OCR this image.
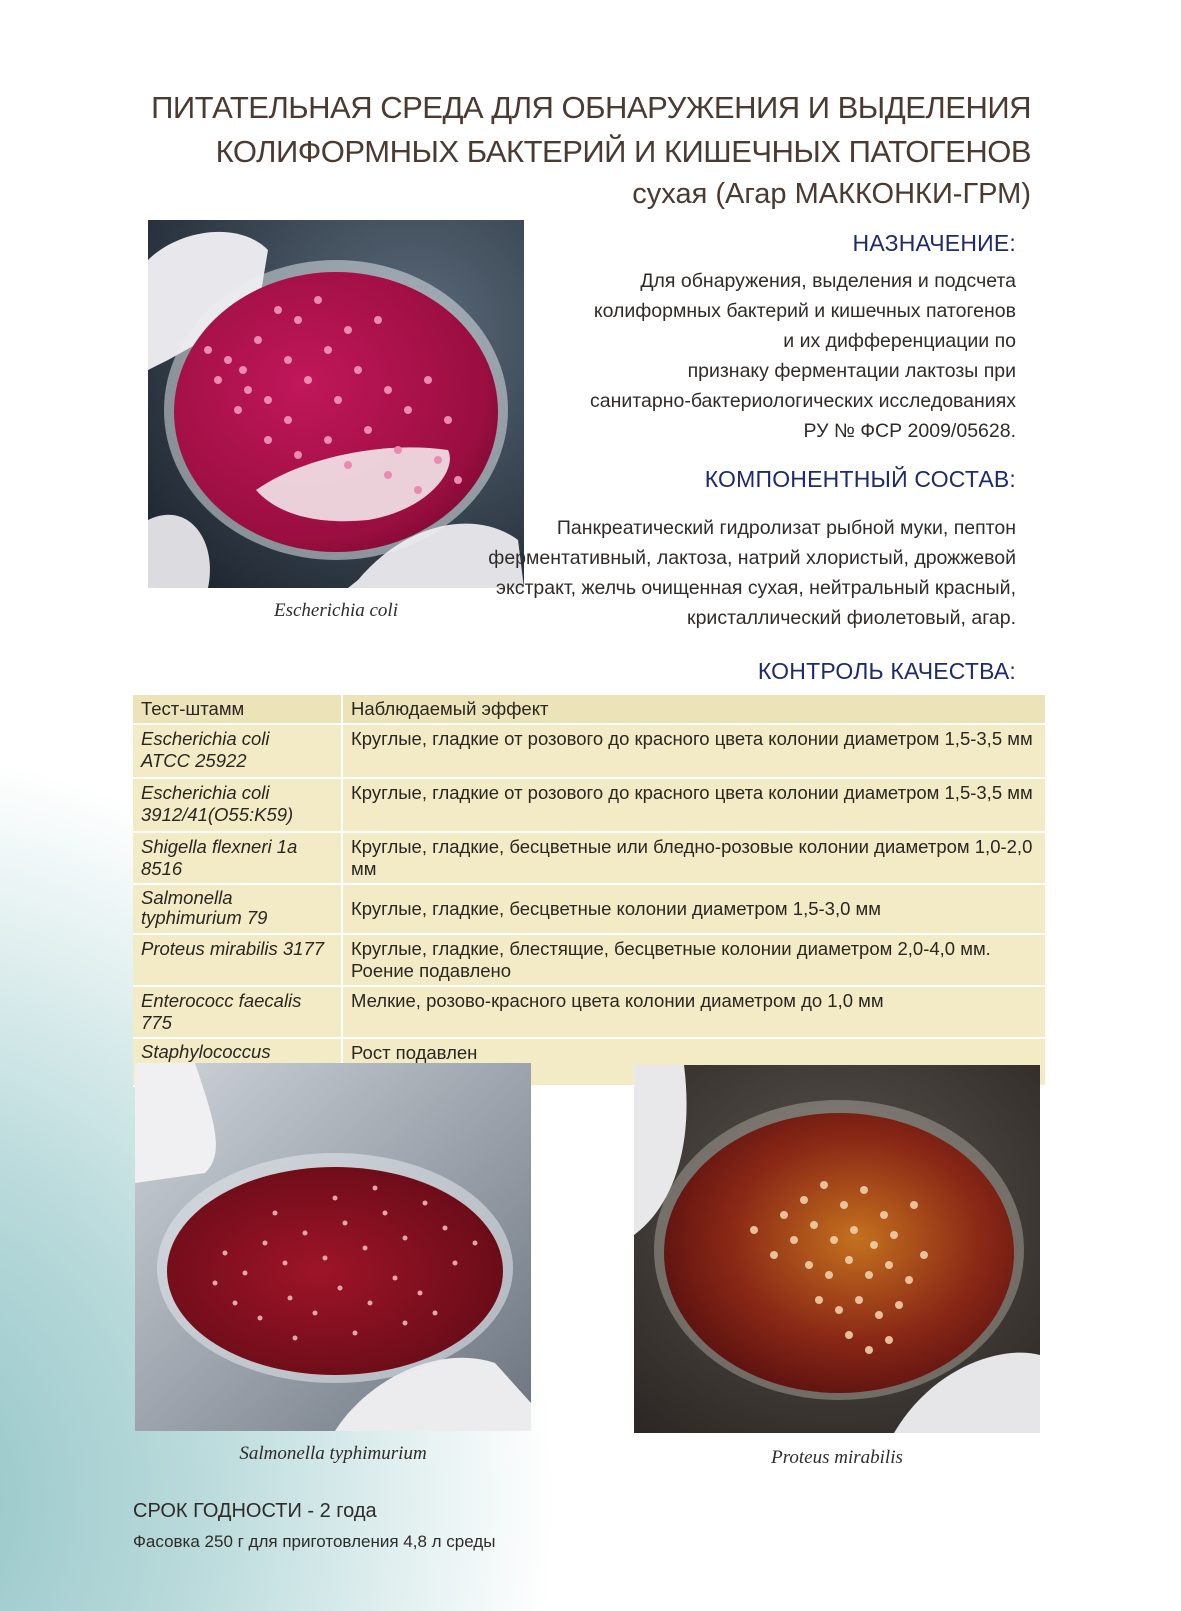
ПИТАТЕЛЬНАЯ СРЕДА ДЛЯ ОБНАРУЖЕНИЯ И ВЫДЕЛЕНИЯ
КОЛИФОРМНЫХ БАКТЕРИЙ И КИШЕЧНЫХ ПАТОГЕНОВ
сухая (Агар МАККОНКИ-ГРМ)
Escherichia coli
НАЗНАЧЕНИЕ:
Для обнаружения, выделения и подсчета
колиформных бактерий и кишечных патогенов
и их дифференциации по
признаку ферментации лактозы при
санитарно-бактериологических исследованиях
РУ № ФСР 2009/05628.
КОМПОНЕНТНЫЙ СОСТАВ:
Панкреатический гидролизат рыбной муки, пептон
ферментативный, лактоза, натрий хлористый, дрожжевой
экстракт, желчь очищенная сухая, нейтральный красный,
кристаллический фиолетовый, агар.
КОНТРОЛЬ КАЧЕСТВА:
Тест-штамм	Наблюдаемый эффект
Escherichia coli
ATCC 25922	Круглые, гладкие от розового до красного цвета колонии диаметром 1,5-3,5 мм
Escherichia coli
3912/41(O55:K59)	Круглые, гладкие от розового до красного цвета колонии диаметром 1,5-3,5 мм
Shigella flexneri 1a 8516	Круглые, гладкие, бесцветные или бледно-розовые колонии диаметром 1,0-2,0 мм
Salmonella
typhimurium 79	Круглые, гладкие, бесцветные колонии диаметром 1,5-3,0 мм
Proteus mirabilis 3177	Круглые, гладкие, блестящие, бесцветные колонии диаметром 2,0-4,0 мм.
Роение подавлено

Enterococc faecalis 775	Мелкие, розово-красного цвета колонии диаметром до 1,0 мм
Staphylococcus	Рост подавлен
Salmonella typhimurium	Proteus mirabilis
СРОК ГОДНОСТИ - 2 года
Фасовка 250 г для приготовления 4,8 л среды
